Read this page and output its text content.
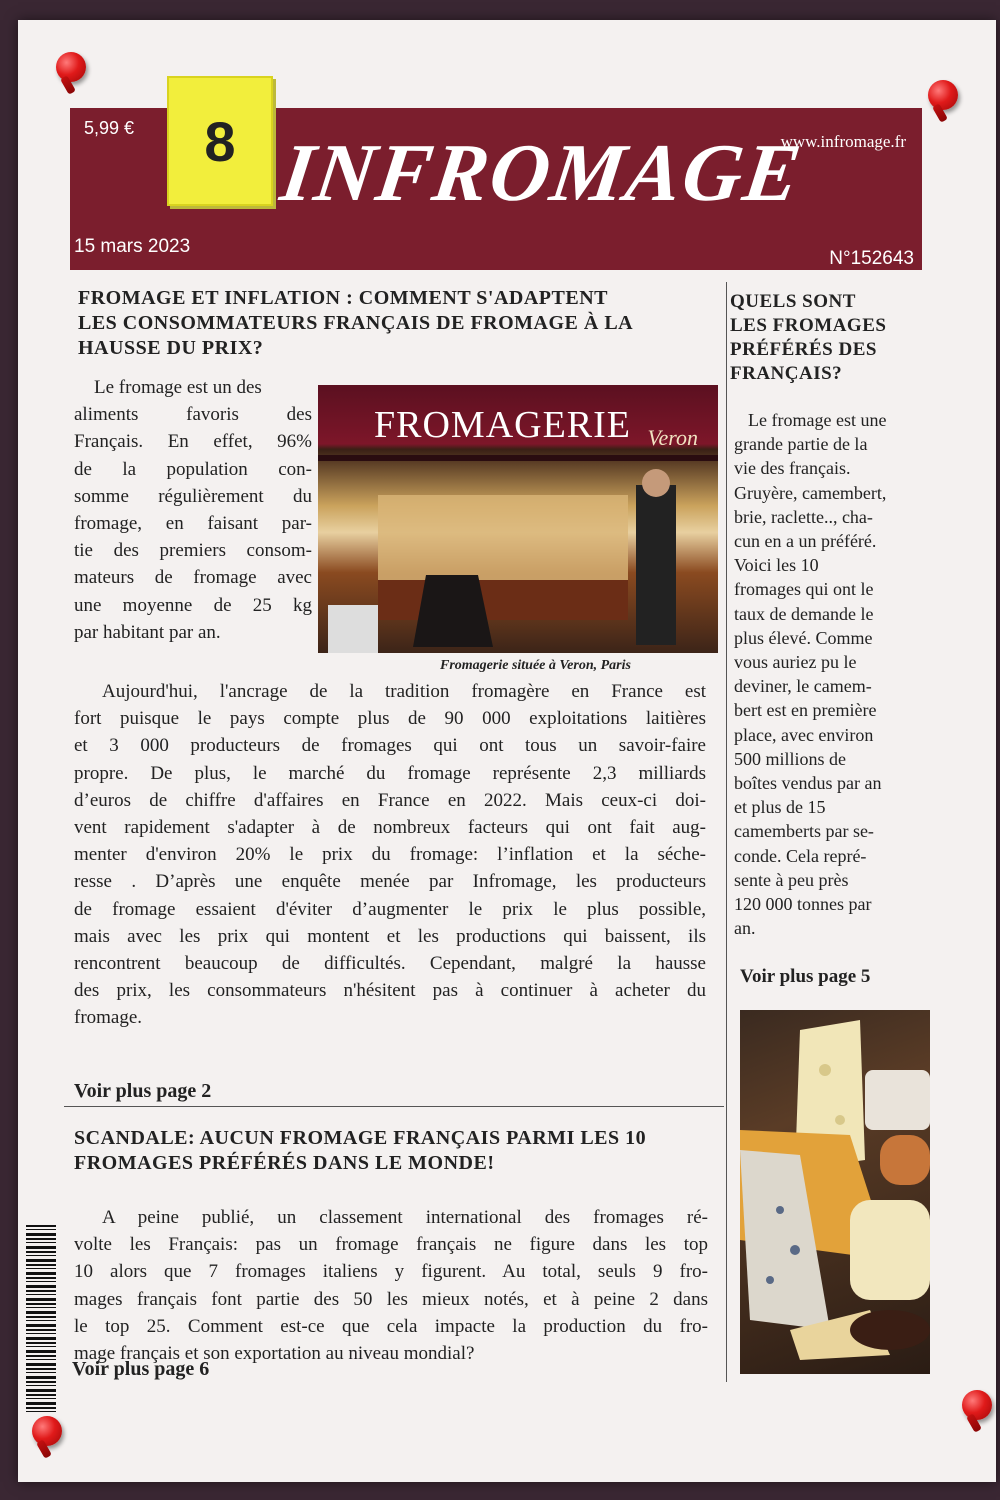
5,99 €	8 INFROMAGE
www.infromage.fr
15 mars 2023
N°152643
FROMAGE ET INFLATION : COMMENT S'ADAPTENT
LES CONSOMMATEURS FRANÇAIS DE FROMAGE À LA
HAUSSE DU PRIX?
Le fromage est un des
aliments favoris des
Français. En effet, 96%
de la population con-
somme régulièrement du
fromage, en faisant par-
tie des premiers consom-
mateurs de fromage avec
une moyenne de 25 kg
par habitant par an.
FROMAGERIE Veron
Fromagerie située à Veron, Paris
Aujourd'hui, l'ancrage de la tradition fromagère en France est
fort puisque le pays compte plus de 90 000 exploitations laitières
et 3 000 producteurs de fromages qui ont tous un savoir-faire
propre. De plus, le marché du fromage représente 2,3 milliards
d’euros de chiffre d'affaires en France en 2022. Mais ceux-ci doi-
vent rapidement s'adapter à de nombreux facteurs qui ont fait aug-
menter d'environ 20% le prix du fromage: l’inflation et la séche-
resse . D’après une enquête menée par Infromage, les producteurs
de fromage essaient d'éviter d’augmenter le prix le plus possible,
mais avec les prix qui montent et les productions qui baissent, ils
rencontrent beaucoup de difficultés. Cependant, malgré la hausse
des prix, les consommateurs n'hésitent pas à continuer à acheter du
fromage.
Voir plus page 2
SCANDALE: AUCUN FROMAGE FRANÇAIS PARMI LES 10
FROMAGES PRÉFÉRÉS DANS LE MONDE!
A peine publié, un classement international des fromages ré-
volte les Français: pas un fromage français ne figure dans les top
10 alors que 7 fromages italiens y figurent. Au total, seuls 9 fro-
mages français font partie des 50 les mieux notés, et à peine 2 dans
le top 25. Comment est-ce que cela impacte la production du fro-
mage français et son exportation au niveau mondial?
Voir plus page 6
QUELS SONT
LES FROMAGES
PRÉFÉRÉS DES
FRANÇAIS?
Le fromage est une
grande partie de la
vie des français.
Gruyère, camembert,
brie, raclette.., cha-
cun en a un préféré.
Voici les 10
fromages qui ont le
taux de demande le
plus élevé. Comme
vous auriez pu le
deviner, le camem-
bert est en première
place, avec environ
500 millions de
boîtes vendus par an
et plus de 15
camemberts par se-
conde. Cela repré-
sente à peu près
120 000 tonnes par
an.
Voir plus page 5
